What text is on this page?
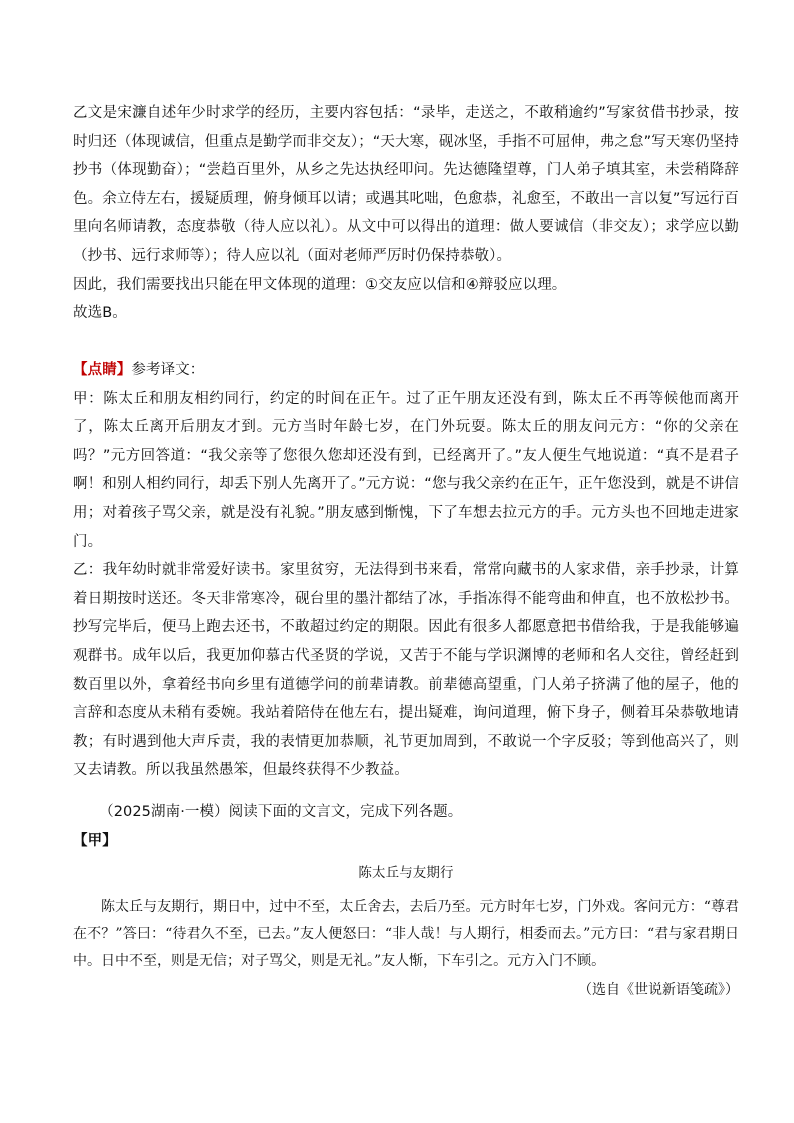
乙文是宋濂自述年少时求学的经历，主要内容包括：“录毕，走送之，不敢稍逾约”写家贫借书抄录，按时归还（体现诚信，但重点是勤学而非交友）；“天大寒，砚冰坚，手指不可屈伸，弗之怠”写天寒仍坚持抄书（体现勤奋）；“尝趋百里外，从乡之先达执经叩问。先达德隆望尊，门人弟子填其室，未尝稍降辞色。余立侍左右，援疑质理，俯身倾耳以请；或遇其叱咄，色愈恭，礼愈至，不敢出一言以复”写远行百里向名师请教，态度恭敬（待人应以礼）。从文中可以得出的道理：做人要诚信（非交友）；求学应以勤（抄书、远行求师等）；待人应以礼（面对老师严厉时仍保持恭敬）。

因此，我们需要找出只能在甲文体现的道理：①交友应以信和④辩驳应以理。

故选B。

【点睛】参考译文：

甲：陈太丘和朋友相约同行，约定的时间在正午。过了正午朋友还没有到，陈太丘不再等候他而离开了，陈太丘离开后朋友才到。元方当时年龄七岁，在门外玩耍。陈太丘的朋友问元方：“你的父亲在吗？”元方回答道：“我父亲等了您很久您却还没有到，已经离开了。”友人便生气地说道：“真不是君子啊！和别人相约同行，却丢下别人先离开了。”元方说：“您与我父亲约在正午，正午您没到，就是不讲信用；对着孩子骂父亲，就是没有礼貌。”朋友感到惭愧，下了车想去拉元方的手。元方头也不回地走进家门。

乙：我年幼时就非常爱好读书。家里贫穷，无法得到书来看，常常向藏书的人家求借，亲手抄录，计算着日期按时送还。冬天非常寒冷，砚台里的墨汁都结了冰，手指冻得不能弯曲和伸直，也不放松抄书。抄写完毕后，便马上跑去还书，不敢超过约定的期限。因此有很多人都愿意把书借给我，于是我能够遍观群书。成年以后，我更加仰慕古代圣贤的学说，又苦于不能与学识渊博的老师和名人交往，曾经赶到数百里以外，拿着经书向乡里有道德学问的前辈请教。前辈德高望重，门人弟子挤满了他的屋子，他的言辞和态度从未稍有委婉。我站着陪侍在他左右，提出疑难，询问道理，俯下身子，侧着耳朵恭敬地请教；有时遇到他大声斥责，我的表情更加恭顺，礼节更加周到，不敢说一个字反驳；等到他高兴了，则又去请教。所以我虽然愚笨，但最终获得不少教益。

（2025湖南·一模）阅读下面的文言文，完成下列各题。

【甲】

陈太丘与友期行

陈太丘与友期行，期日中，过中不至，太丘舍去，去后乃至。元方时年七岁，门外戏。客问元方：“尊君在不？”答曰：“待君久不至，已去。”友人便怒曰：“非人哉！与人期行，相委而去。”元方曰：“君与家君期日中。日中不至，则是无信；对子骂父，则是无礼。”友人惭，下车引之。元方入门不顾。

（选自《世说新语笺疏》）
